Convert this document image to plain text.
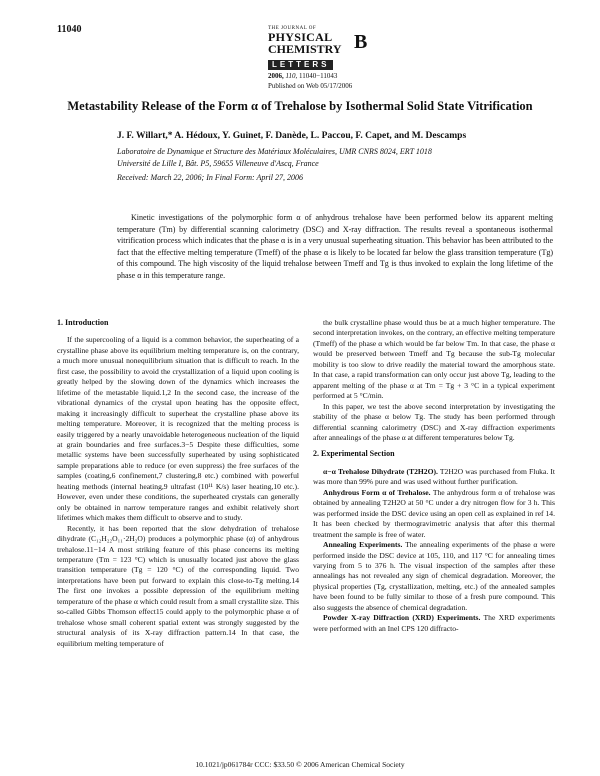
11040	THE JOURNAL OF
PHYSICAL
CHEMISTRY B
LETTERS
2006, 110, 11040−11043
Published on Web 05/17/2006
Metastability Release of the Form α of Trehalose by Isothermal Solid State Vitrification
J. F. Willart,* A. Hédoux, Y. Guinet, F. Danède, L. Paccou, F. Capet, and M. Descamps
Laboratoire de Dynamique et Structure des Matériaux Moléculaires, UMR CNRS 8024, ERT 1018
Université de Lille I, Bât. P5, 59655 Villeneuve d'Ascq, France
Received: March 22, 2006; In Final Form: April 27, 2006

Kinetic investigations of the polymorphic form α of anhydrous trehalose have been performed below its apparent melting temperature (Tm) by differential scanning calorimetry (DSC) and X-ray diffraction. The results reveal a spontaneous isothermal vitrification process which indicates that the phase α is in a very unusual superheating situation. This behavior has been attributed to the fact that the effective melting temperature (Tmeff) of the phase α is likely to be located far below the glass transition temperature (Tg) of this compound. The high viscosity of the liquid trehalose between Tmeff and Tg is thus invoked to explain the long lifetime of the phase α in this temperature range.

1. Introduction

If the supercooling of a liquid is a common behavior, the superheating of a crystalline phase above its equilibrium melting temperature is, on the contrary, a much more unusual nonequilibrium situation that is difficult to reach. In the first case, the possibility to avoid the crystallization of a liquid upon cooling is greatly helped by the slowing down of the dynamics which increases the lifetime of the metastable liquid.1,2 In the second case, the increase of the vibrational dynamics of the crystal upon heating has the opposite effect, making it increasingly difficult to superheat the crystalline phase above its melting temperature. Moreover, it is recognized that the melting process is easily triggered by a nearly unavoidable heterogeneous nucleation of the liquid at grain boundaries and free surfaces.3−5 Despite these difficulties, some metallic systems have been successfully superheated by using sophisticated sample preparations able to reduce (or even suppress) the free surfaces of the samples (coating,6 confinement,7 clustering,8 etc.) combined with powerful heating methods (internal heating,9 ultrafast (10¹¹ K/s) laser heating,10 etc.). However, even under these conditions, the superheated crystals can generally only be obtained in narrow temperature ranges and exhibit relatively short lifetimes which makes them difficult to observe and to study.

Recently, it has been reported that the slow dehydration of trehalose dihydrate (C₁₂H₂₂O₁₁·2H₂O) produces a polymorphic phase (α) of anhydrous trehalose.11−14 A most striking feature of this phase concerns its melting temperature (Tm = 123 °C) which is unusually located just above the glass transition temperature (Tg = 120 °C) of the corresponding liquid. Two interpretations have been put forward to explain this close-to-Tg melting.14 The first one invokes a possible depression of the equilibrium melting temperature of the phase α which could result from a small crystallite size. This so-called Gibbs Thomson effect15 could apply to the polymorphic phase α of trehalose whose small coherent spatial extent was strongly suggested by the structural analysis of its X-ray diffraction pattern.14 In that case, the equilibrium melting temperature of

the bulk crystalline phase would thus be at a much higher temperature. The second interpretation invokes, on the contrary, an effective melting temperature (Tmeff) of the phase α which would be far below Tm. In that case, the phase α would be preserved between Tmeff and Tg because the sub-Tg molecular mobility is too slow to drive readily the material toward the amorphous state. In that case, a rapid transformation can only occur just above Tg, leading to the apparent melting of the phase α at Tm = Tg + 3 °C in a typical experiment performed at 5 °C/min.

In this paper, we test the above second interpretation by investigating the stability of the phase α below Tg. The study has been performed through differential scanning calorimetry (DSC) and X-ray diffraction experiments after annealings of the phase α at different temperatures below Tg.

2. Experimental Section

α−α Trehalose Dihydrate (T2H2O). T2H2O was purchased from Fluka. It was more than 99% pure and was used without further purification.

Anhydrous Form α of Trehalose. The anhydrous form α of trehalose was obtained by annealing T2H2O at 50 °C under a dry nitrogen flow for 3 h. This was performed inside the DSC device using an open cell as explained in ref 14. It has been checked by thermogravimetric analysis that after this thermal treatment the sample is free of water.

Annealing Experiments. The annealing experiments of the phase α were performed inside the DSC device at 105, 110, and 117 °C for annealing times varying from 5 to 376 h. The visual inspection of the samples after these annealings has not revealed any sign of chemical degradation. Moreover, the physical properties (Tg, crystallization, melting, etc.) of the annealed samples have been found to be fully similar to those of a fresh pure compound. This also suggests the absence of chemical degradation.

Powder X-ray Diffraction (XRD) Experiments. The XRD experiments were performed with an Inel CPS 120 diffracto-

10.1021/jp061784r CCC: $33.50 © 2006 American Chemical Society
